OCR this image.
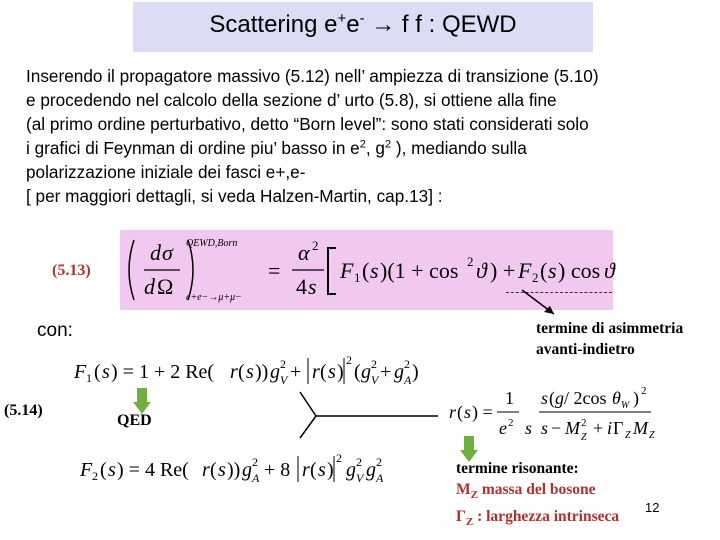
Scattering e+e- → f f : QEWD
Inserendo il propagatore massivo (5.12) nell’ ampiezza di transizione (5.10)
e procedendo nel calcolo della sezione d’ urto (5.8), si ottiene alla fine
(al primo ordine perturbativo, detto “Born level”: sono stati considerati solo
i grafici di Feynman di ordine piu’ basso in $e^2$, $g^2$ ), mediando sulla
polarizzazione iniziale dei fasci e+,e-
[ per maggiori dettagli, si veda Halzen-Martin, cap.13] :
(5.13)
d σ
d Ω
QEWD,Born
e+e−→μ+μ−
=
α 2
4 s
F 1 ( s )(1 + cos 2 ϑ ) + F 2 ( s ) cos ϑ
termine di asimmetria
avanti-indietro
con:
F 1 ( s ) = 1 + 2 Re( r ( s )) g 2
V + r ( s )
2
( g 2
V + g 2
A )
(5.14)
QED	r ( s ) =
1
e 2 s
s ( g / 2cos θ W ) 2
s − M 2
Z + i Γ Z M Z
F 2 ( s ) = 4 Re( r ( s )) g 2
A + 8 r ( s )
2
g 2
V g 2
A
termine risonante:
$M_Z$ massa del bosone
$\Gamma_Z$ : larghezza intrinseca
12
